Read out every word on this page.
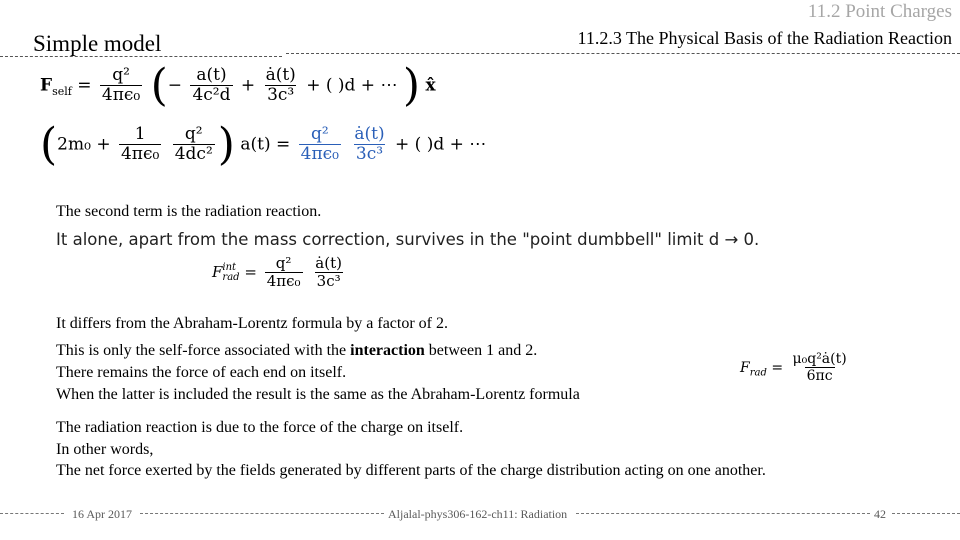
11.2 Point Charges
11.2.3 The Physical Basis of the Radiation Reaction
Simple model
$F_{self} = \frac{\text{q²}}{\text{4πϵ₀}}$ (− $\frac{a(t)}{\text{4c²d}} + \frac{ȧ(t)}{\text{3c³}}$ + ( )d + ⋯ ) x̂
($2m_0 + \frac{1}{\text{4πϵ₀}}$
$\frac{\text{q²}}{\text{4dc²}}$ ) $a(t) = \frac{\text{q²}}{\text{4πϵ₀}}$
$\frac{ȧ(t)}{\text{3c³}}$ + ( )d + ⋯
The second term is the radiation reaction.
It alone, apart from the mass correction, survives in the "point dumbbell" limit d → 0.
F int
rad = $\frac{\text{q²}}{\text{4πϵ₀}}$
$\frac{ȧ(t)}{\text{3c³}}$
It differs from the Abraham-Lorentz formula by a factor of 2.
This is only the self-force associated with the interaction between 1 and 2.
There remains the force of each end on itself.
When the latter is included the result is the same as the Abraham-Lorentz formula
$F_{rad} = \frac{\text{μ₀q²ȧ(t)}}{6\pi c}$
The radiation reaction is due to the force of the charge on itself.
In other words,
The net force exerted by the fields generated by different parts of the charge distribution acting on one another.
16 Apr 2017	Aljalal-phys306-162-ch11: Radiation	42
